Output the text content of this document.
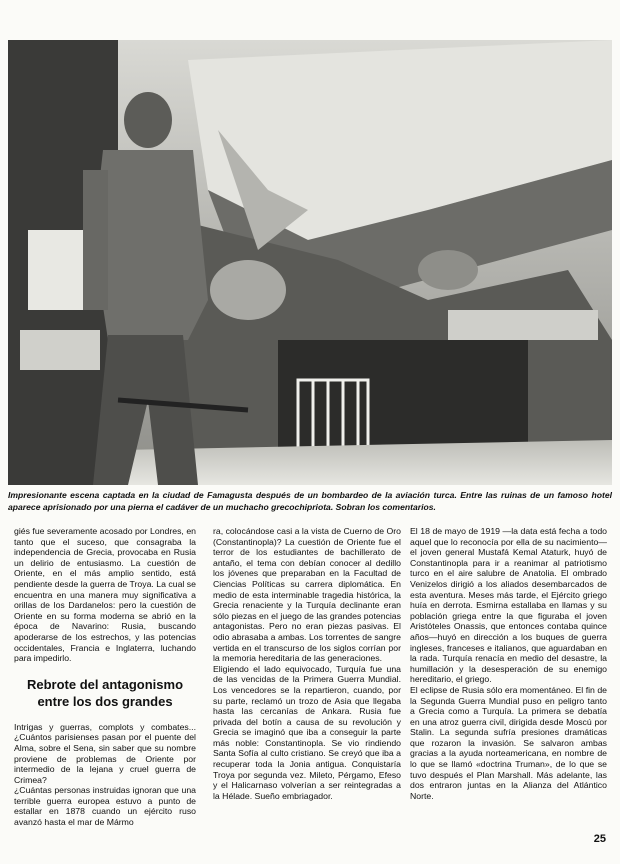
Impresionante escena captada en la ciudad de Famagusta después de un bombardeo de la aviación turca. Entre las ruinas de un famoso hotel aparece aprisionado por una pierna el cadáver de un muchacho grecochipriota. Sobran los comentarios.

giés fue severamente acosado por Londres, en tanto que el suceso, que consagraba la independencia de Grecia, provocaba en Rusia un delirio de entusiasmo. La cuestión de Oriente, en el más amplio sentido, está pendiente desde la guerra de Troya. La cual se encuentra en una manera muy significativa a orillas de los Dardanelos: pero la cuestión de Oriente en su forma moderna se abrió en la época de Navarino: Rusia, buscando apoderarse de los estrechos, y las potencias occidentales, Francia e Inglaterra, luchando para impedirlo.

Rebrote del antagonismo
entre los dos grandes

Intrigas y guerras, complots y combates... ¿Cuántos parisienses pasan por el puente del Alma, sobre el Sena, sin saber que su nombre proviene de problemas de Oriente por intermedio de la lejana y cruel guerra de Crimea?
¿Cuántas personas instruidas ignoran que una terrible guerra europea estuvo a punto de estallar en 1878 cuando un ejército ruso avanzó hasta el mar de Mármo

ra, colocándose casi a la vista de Cuerno de Oro (Constantinopla)? La cuestión de Oriente fue el terror de los estudiantes de bachillerato de antaño, el tema con debían conocer al dedillo los jóvenes que preparaban en la Facultad de Ciencias Políticas su carrera diplomática. En medio de esta interminable tragedia histórica, la Grecia renaciente y la Turquía declinante eran sólo piezas en el juego de las grandes potencias antagonistas. Pero no eran piezas pasivas. El odio abrasaba a ambas. Los torrentes de sangre vertida en el transcurso de los siglos corrían por la memoria hereditaria de las generaciones.
Eligiendo el lado equivocado, Turquía fue una de las vencidas de la Primera Guerra Mundial. Los vencedores se la repartieron, cuando, por su parte, reclamó un trozo de Asia que llegaba hasta las cercanías de Ankara. Rusia fue privada del botín a causa de su revolución y Grecia se imaginó que iba a conseguir la parte más noble: Constantinopla. Se vio rindiendo Santa Sofía al culto cristiano. Se creyó que iba a recuperar toda la Jonia antigua. Conquistaría Troya por segunda vez. Mileto, Pérgamo, Efeso y el Halicarnaso volverían a ser reintegradas a la Hélade. Sueño embriagador.

El 18 de mayo de 1919 —la data está fecha a todo aquel que lo reconocía por ella de su nacimiento— el joven general Mustafá Kemal Ataturk, huyó de Constantinopla para ir a reanimar al patriotismo turco en el aire salubre de Anatolia. El ombrado Venizelos dirigió a los aliados desembarcados de esta aventura. Meses más tarde, el Ejército griego huía en derrota. Esmirna estallaba en llamas y su población griega entre la que figuraba el joven Aristóteles Onassis, que entonces contaba quince años—huyó en dirección a los buques de guerra ingleses, franceses e italianos, que aguardaban en la rada. Turquía renacía en medio del desastre, la humillación y la desesperación de su enemigo hereditario, el griego.
El eclipse de Rusia sólo era momentáneo. El fin de la Segunda Guerra Mundial puso en peligro tanto a Grecia como a Turquía. La primera se debatía en una atroz guerra civil, dirigida desde Moscú por Stalin. La segunda sufría presiones dramáticas que rozaron la invasión. Se salvaron ambas gracias a la ayuda norteamericana, en nombre de lo que se llamó «doctrina Truman», de lo que se tuvo después el Plan Marshall. Más adelante, las dos entraron juntas en la Alianza del Atlántico Norte.

25
